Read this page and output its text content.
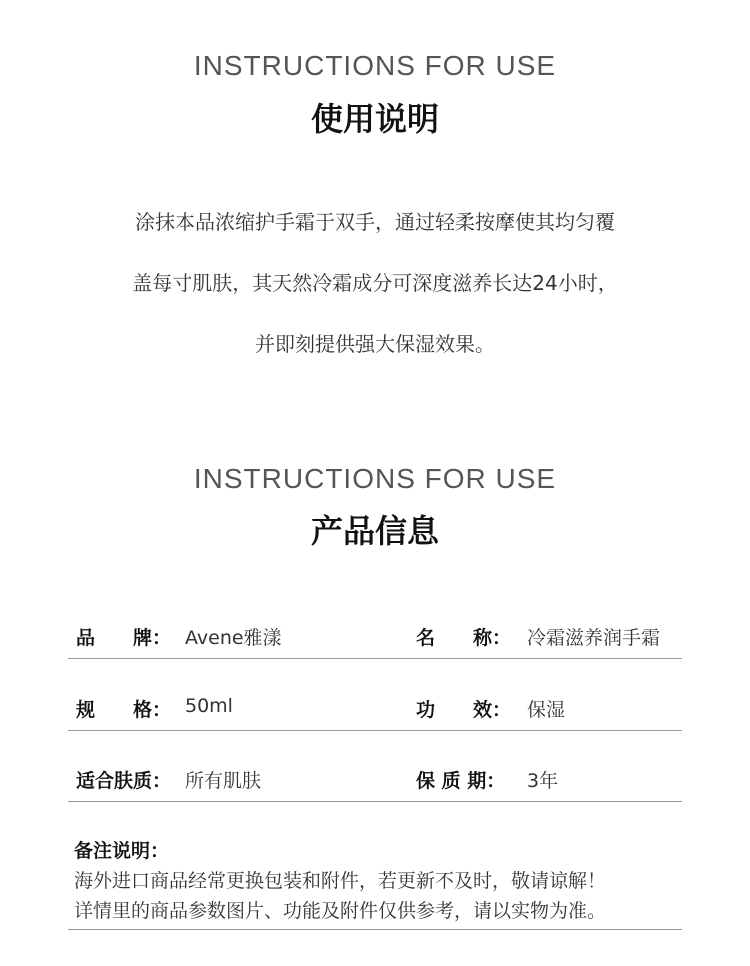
INSTRUCTIONS FOR USE
使用说明
涂抹本品浓缩护手霜于双手，通过轻柔按摩使其均匀覆
盖每寸肌肤，其天然冷霜成分可深度滋养长达24小时，
并即刻提供强大保湿效果。
INSTRUCTIONS FOR USE
产品信息
品　　牌： Avene雅漾	名　　称： 冷霜滋养润手霜
规　　格： 50ml	功　　效： 保湿
适合肤质： 所有肌肤	保 质 期： 3年
备注说明：
海外进口商品经常更换包装和附件，若更新不及时，敬请谅解！
详情里的商品参数图片、功能及附件仅供参考，请以实物为准。
